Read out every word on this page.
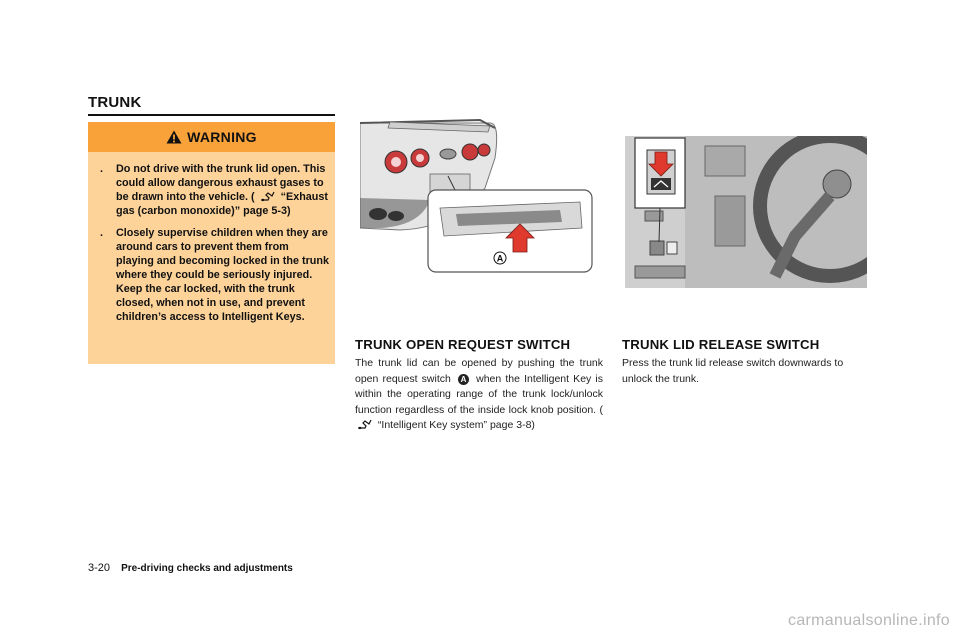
TRUNK
WARNING
. Do not drive with the trunk lid open. This could allow dangerous exhaust gases to be drawn into the vehicle. ( “Exhaust gas (carbon monoxide)” page 5-3)
. Closely supervise children when they are around cars to prevent them from playing and becoming locked in the trunk where they could be seriously injured. Keep the car locked, with the trunk closed, when not in use, and prevent children’s access to Intelligent Keys.
A
TRUNK OPEN REQUEST SWITCH
The trunk lid can be opened by pushing the trunk open request switch A when the Intelligent Key is within the operating range of the trunk lock/unlock function regardless of the inside lock knob position. (  “Intelligent Key system” page 3-8)
TRUNK LID RELEASE SWITCH
Press the trunk lid release switch downwards to unlock the trunk.
3-20 Pre-driving checks and adjustments
carmanualsonline.info
